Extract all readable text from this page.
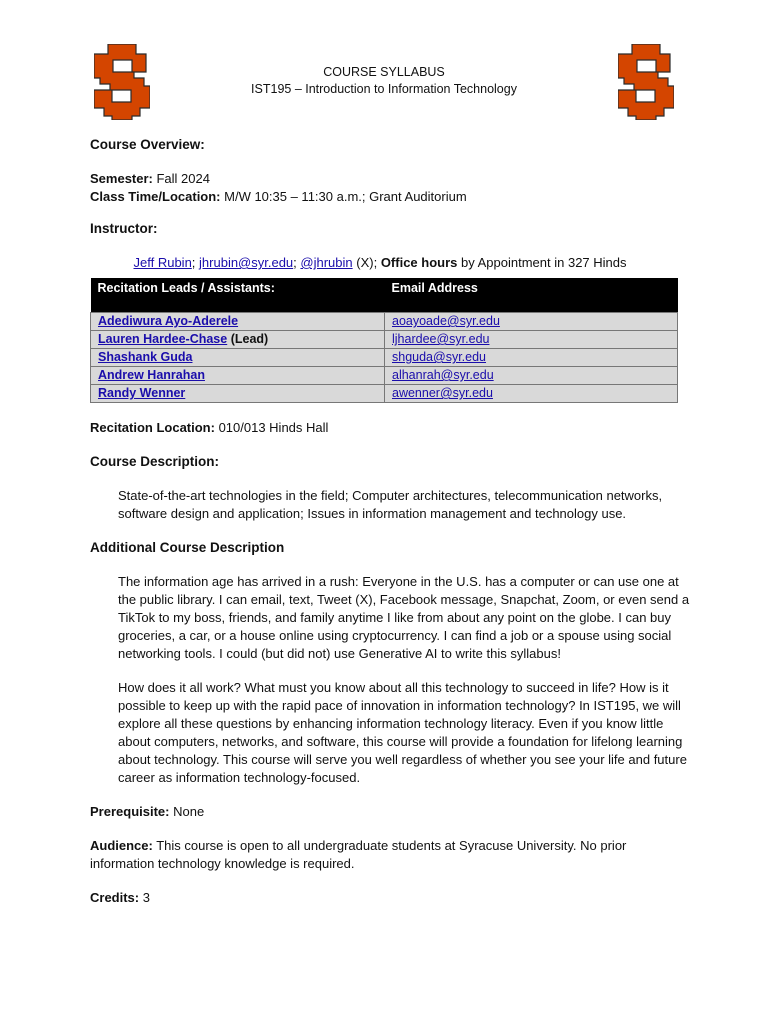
COURSE SYLLABUS
IST195 – Introduction to Information Technology

Course Overview:

Semester: Fall 2024

Class Time/Location: M/W 10:35 – 11:30 a.m.; Grant Auditorium

Instructor:

Jeff Rubin; jhrubin@syr.edu; @jhrubin (X); Office hours by Appointment in 327 Hinds

Recitation Leads / Assistants:	Email Address
Adediwura Ayo-Aderele	aoayoade@syr.edu
Lauren Hardee-Chase (Lead)	ljhardee@syr.edu
Shashank Guda	shguda@syr.edu
Andrew Hanrahan	alhanrah@syr.edu
Randy Wenner	awenner@syr.edu

Recitation Location: 010/013 Hinds Hall

Course Description:

State-of-the-art technologies in the field; Computer architectures, telecommunication networks, software design and application; Issues in information management and technology use.

Additional Course Description

The information age has arrived in a rush: Everyone in the U.S. has a computer or can use one at the public library. I can email, text, Tweet (X), Facebook message, Snapchat, Zoom, or even send a TikTok to my boss, friends, and family anytime I like from about any point on the globe. I can buy groceries, a car, or a house online using cryptocurrency. I can find a job or a spouse using social networking tools. I could (but did not) use Generative AI to write this syllabus!

How does it all work? What must you know about all this technology to succeed in life? How is it possible to keep up with the rapid pace of innovation in information technology? In IST195, we will explore all these questions by enhancing information technology literacy. Even if you know little about computers, networks, and software, this course will provide a foundation for lifelong learning about technology. This course will serve you well regardless of whether you see your life and future career as information technology-focused.

Prerequisite: None

Audience: This course is open to all undergraduate students at Syracuse University. No prior information technology knowledge is required.

Credits: 3
